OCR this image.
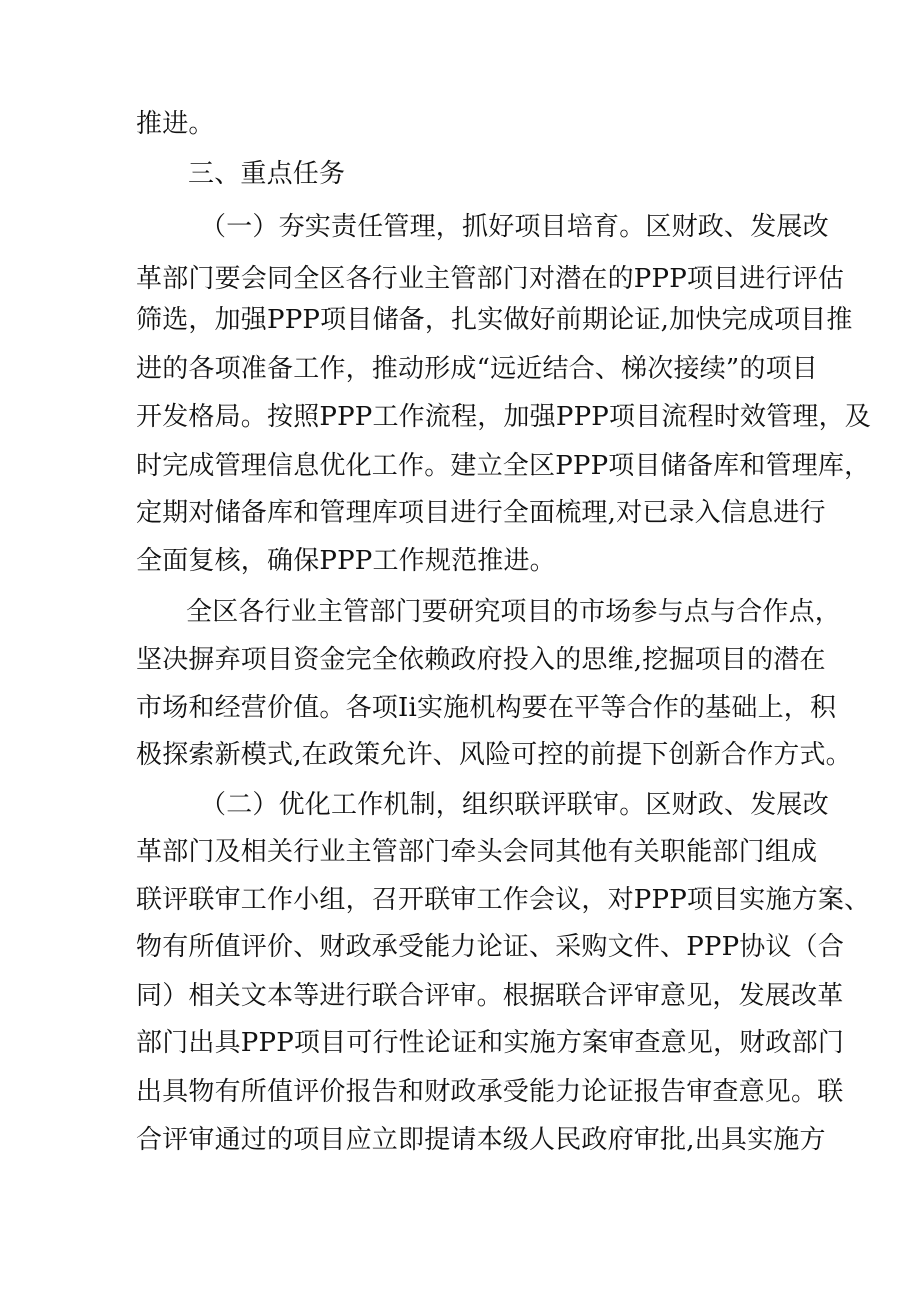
推进。
三、重点任务
（一）夯实责任管理，抓好项目培育。区财政、发展改
革部门要会同全区各行业主管部门对潜在的PPP项目进行评估
筛选，加强PPP项目储备，扎实做好前期论证,加快完成项目推
进的各项准备工作，推动形成“远近结合、梯次接续”的项目
开发格局。按照PPP工作流程，加强PPP项目流程时效管理，及
时完成管理信息优化工作。建立全区PPP项目储备库和管理库，
定期对储备库和管理库项目进行全面梳理,对已录入信息进行
全面复核，确保PPP工作规范推进。
全区各行业主管部门要研究项目的市场参与点与合作点，
坚决摒弃项目资金完全依赖政府投入的思维,挖掘项目的潜在
市场和经营价值。各项Ii实施机构要在平等合作的基础上，积
极探索新模式,在政策允许、风险可控的前提下创新合作方式。
（二）优化工作机制，组织联评联审。区财政、发展改
革部门及相关行业主管部门牵头会同其他有关职能部门组成
联评联审工作小组，召开联审工作会议，对PPP项目实施方案、
物有所值评价、财政承受能力论证、采购文件、PPP协议（合
同）相关文本等进行联合评审。根据联合评审意见，发展改革
部门出具PPP项目可行性论证和实施方案审查意见，财政部门
出具物有所值评价报告和财政承受能力论证报告审查意见。联
合评审通过的项目应立即提请本级人民政府审批,出具实施方
